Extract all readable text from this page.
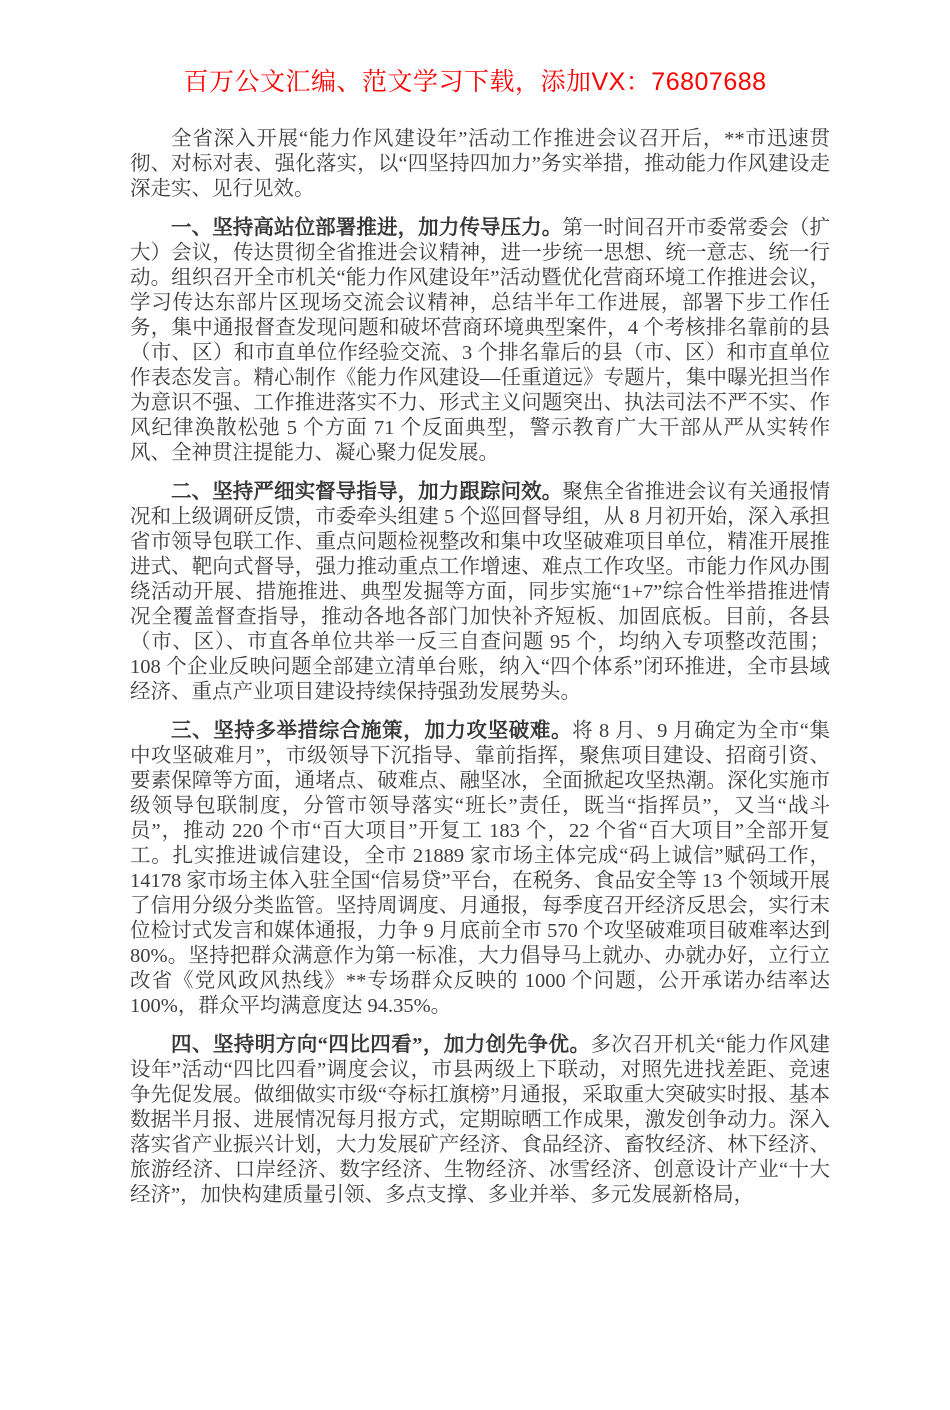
百万公文汇编、范文学习下载，添加VX：76807688

全省深入开展“能力作风建设年”活动工作推进会议召开后，**市迅速贯彻、对标对表、强化落实，以“四坚持四加力”务实举措，推动能力作风建设走深走实、见行见效。

一、坚持高站位部署推进，加力传导压力。第一时间召开市委常委会（扩大）会议，传达贯彻全省推进会议精神，进一步统一思想、统一意志、统一行动。组织召开全市机关“能力作风建设年”活动暨优化营商环境工作推进会议，学习传达东部片区现场交流会议精神，总结半年工作进展，部署下步工作任务，集中通报督查发现问题和破坏营商环境典型案件，4 个考核排名靠前的县（市、区）和市直单位作经验交流、3 个排名靠后的县（市、区）和市直单位作表态发言。精心制作《能力作风建设—任重道远》专题片，集中曝光担当作为意识不强、工作推进落实不力、形式主义问题突出、执法司法不严不实、作风纪律涣散松弛 5 个方面 71 个反面典型，警示教育广大干部从严从实转作风、全神贯注提能力、凝心聚力促发展。

二、坚持严细实督导指导，加力跟踪问效。聚焦全省推进会议有关通报情况和上级调研反馈，市委牵头组建 5 个巡回督导组，从 8 月初开始，深入承担省市领导包联工作、重点问题检视整改和集中攻坚破难项目单位，精准开展推进式、靶向式督导，强力推动重点工作增速、难点工作攻坚。市能力作风办围绕活动开展、措施推进、典型发掘等方面，同步实施“1+7”综合性举措推进情况全覆盖督查指导，推动各地各部门加快补齐短板、加固底板。目前，各县（市、区）、市直各单位共举一反三自查问题 95 个，均纳入专项整改范围；108 个企业反映问题全部建立清单台账，纳入“四个体系”闭环推进，全市县域经济、重点产业项目建设持续保持强劲发展势头。

三、坚持多举措综合施策，加力攻坚破难。将 8 月、9 月确定为全市“集中攻坚破难月”，市级领导下沉指导、靠前指挥，聚焦项目建设、招商引资、要素保障等方面，通堵点、破难点、融坚冰，全面掀起攻坚热潮。深化实施市级领导包联制度，分管市领导落实“班长”责任，既当“指挥员”，又当“战斗员”，推动 220 个市“百大项目”开复工 183 个，22 个省“百大项目”全部开复工。扎实推进诚信建设，全市 21889 家市场主体完成“码上诚信”赋码工作，14178 家市场主体入驻全国“信易贷”平台，在税务、食品安全等 13 个领域开展了信用分级分类监管。坚持周调度、月通报，每季度召开经济反思会，实行末位检讨式发言和媒体通报，力争 9 月底前全市 570 个攻坚破难项目破难率达到 80%。坚持把群众满意作为第一标准，大力倡导马上就办、办就办好，立行立改省《党风政风热线》**专场群众反映的 1000 个问题，公开承诺办结率达 100%，群众平均满意度达 94.35%。

四、坚持明方向“四比四看”，加力创先争优。多次召开机关“能力作风建设年”活动“四比四看”调度会议，市县两级上下联动，对照先进找差距、竞速争先促发展。做细做实市级“夺标扛旗榜”月通报，采取重大突破实时报、基本数据半月报、进展情况每月报方式，定期晾晒工作成果，激发创争动力。深入落实省产业振兴计划，大力发展矿产经济、食品经济、畜牧经济、林下经济、旅游经济、口岸经济、数字经济、生物经济、冰雪经济、创意设计产业“十大经济”，加快构建质量引领、多点支撑、多业并举、多元发展新格局，
